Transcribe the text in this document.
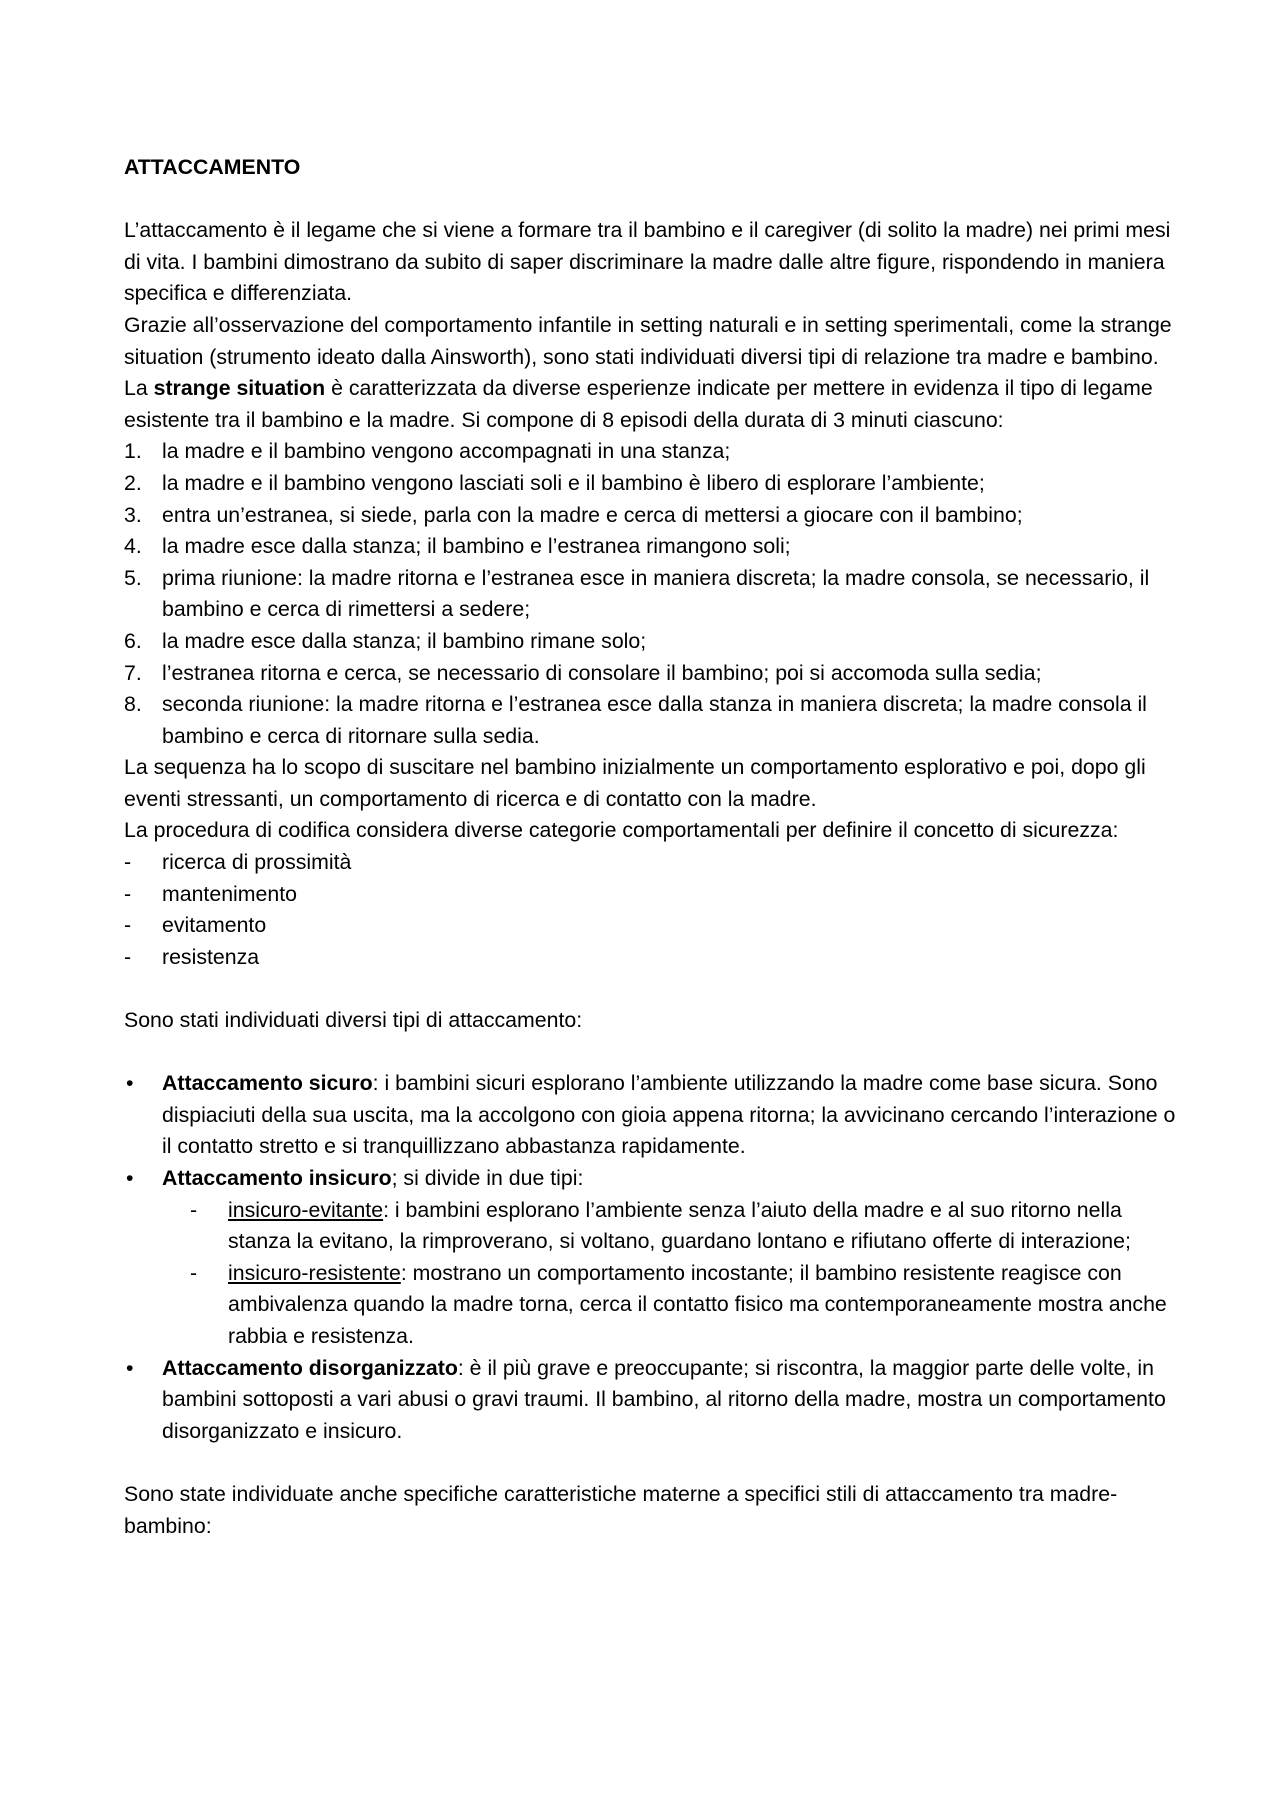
ATTACCAMENTO

L’attaccamento è il legame che si viene a formare tra il bambino e il caregiver (di solito la madre) nei primi mesi di vita. I bambini dimostrano da subito di saper discriminare la madre dalle altre figure, rispondendo in maniera specifica e differenziata.

Grazie all’osservazione del comportamento infantile in setting naturali e in setting sperimentali, come la strange situation (strumento ideato dalla Ainsworth), sono stati individuati diversi tipi di relazione tra madre e bambino.

La strange situation è caratterizzata da diverse esperienze indicate per mettere in evidenza il tipo di legame esistente tra il bambino e la madre. Si compone di 8 episodi della durata di 3 minuti ciascuno:

1. la madre e il bambino vengono accompagnati in una stanza;
2. la madre e il bambino vengono lasciati soli e il bambino è libero di esplorare l’ambiente;
3. entra un’estranea, si siede, parla con la madre e cerca di mettersi a giocare con il bambino;
4. la madre esce dalla stanza; il bambino e l’estranea rimangono soli;
5. prima riunione: la madre ritorna e l’estranea esce in maniera discreta; la madre consola, se necessario, il bambino e cerca di rimettersi a sedere;
6. la madre esce dalla stanza; il bambino rimane solo;
7. l’estranea ritorna e cerca, se necessario di consolare il bambino; poi si accomoda sulla sedia;
8. seconda riunione: la madre ritorna e l’estranea esce dalla stanza in maniera discreta; la madre consola il bambino e cerca di ritornare sulla sedia.

La sequenza ha lo scopo di suscitare nel bambino inizialmente un comportamento esplorativo e poi, dopo gli eventi stressanti, un comportamento di ricerca e di contatto con la madre.

La procedura di codifica considera diverse categorie comportamentali per definire il concetto di sicurezza:

-	ricerca di prossimità
-	mantenimento
-	evitamento
-	resistenza

Sono stati individuati diversi tipi di attaccamento:

•	Attaccamento sicuro: i bambini sicuri esplorano l’ambiente utilizzando la madre come base sicura. Sono dispiaciuti della sua uscita, ma la accolgono con gioia appena ritorna; la avvicinano cercando l’interazione o il contatto stretto e si tranquillizzano abbastanza rapidamente.
•	Attaccamento insicuro; si divide in due tipi:
-	insicuro-evitante: i bambini esplorano l’ambiente senza l’aiuto della madre e al suo ritorno nella stanza la evitano, la rimproverano, si voltano, guardano lontano e rifiutano offerte di interazione;
-	insicuro-resistente: mostrano un comportamento incostante; il bambino resistente reagisce con ambivalenza quando la madre torna, cerca il contatto fisico ma contemporaneamente mostra anche rabbia e resistenza.
•	Attaccamento disorganizzato: è il più grave e preoccupante; si riscontra, la maggior parte delle volte, in bambini sottoposti a vari abusi o gravi traumi. Il bambino, al ritorno della madre, mostra un comportamento disorganizzato e insicuro.

Sono state individuate anche specifiche caratteristiche materne a specifici stili di attaccamento tra madre-bambino:
